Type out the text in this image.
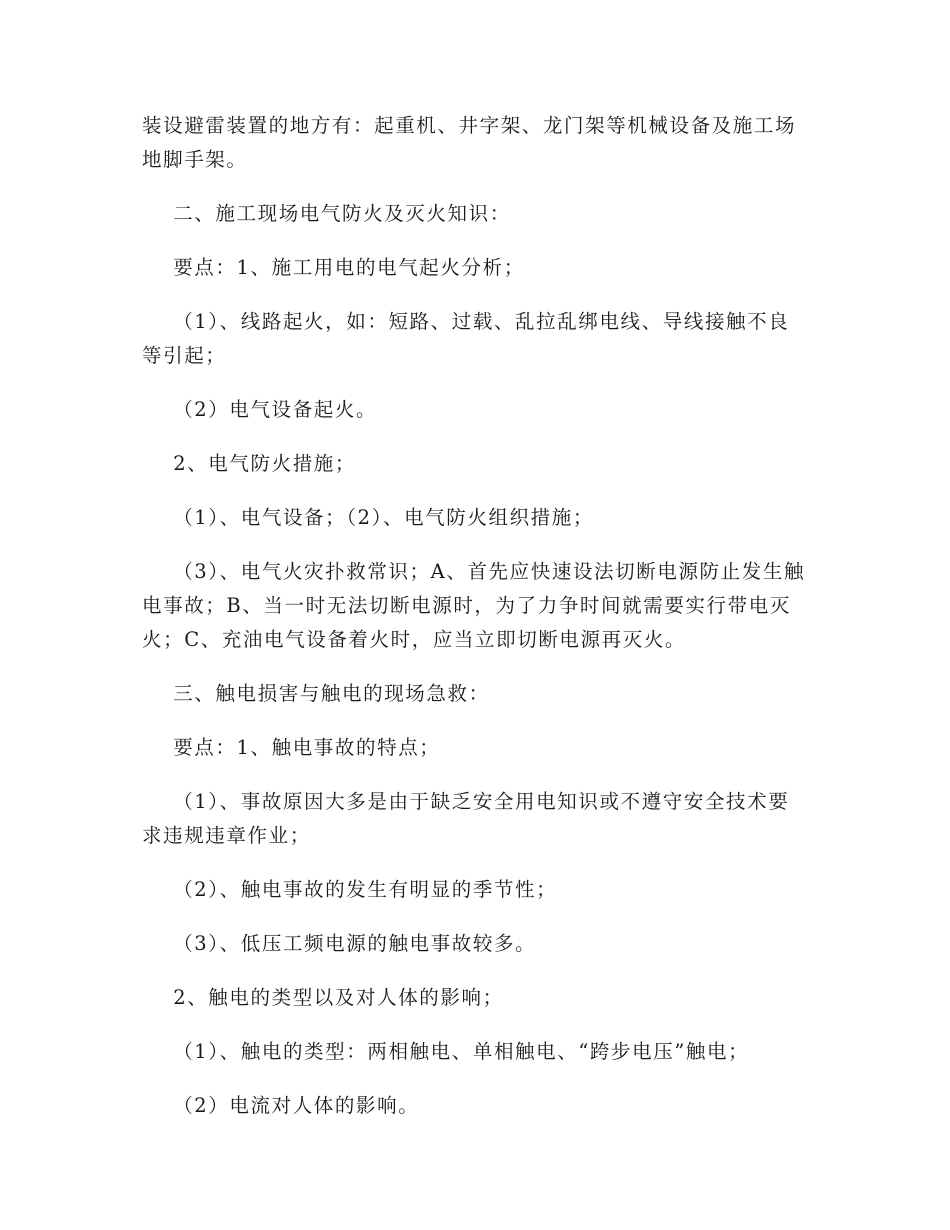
装设避雷装置的地方有：起重机、井字架、龙门架等机械设备及施工场地脚手架。
二、施工现场电气防火及灭火知识：
要点：1、施工用电的电气起火分析；
（1）、线路起火，如：短路、过载、乱拉乱绑电线、导线接触不良等引起；
（2）电气设备起火。
2、电气防火措施；
（1）、电气设备；（2）、电气防火组织措施；
（3）、电气火灾扑救常识；A、首先应快速设法切断电源防止发生触电事故；B、当一时无法切断电源时，为了力争时间就需要实行带电灭火；C、充油电气设备着火时，应当立即切断电源再灭火。
三、触电损害与触电的现场急救：
要点：1、触电事故的特点；
（1）、事故原因大多是由于缺乏安全用电知识或不遵守安全技术要求违规违章作业；
（2）、触电事故的发生有明显的季节性；
（3）、低压工频电源的触电事故较多。
2、触电的类型以及对人体的影响；
（1）、触电的类型：两相触电、单相触电、“跨步电压”触电；
（2）电流对人体的影响。
